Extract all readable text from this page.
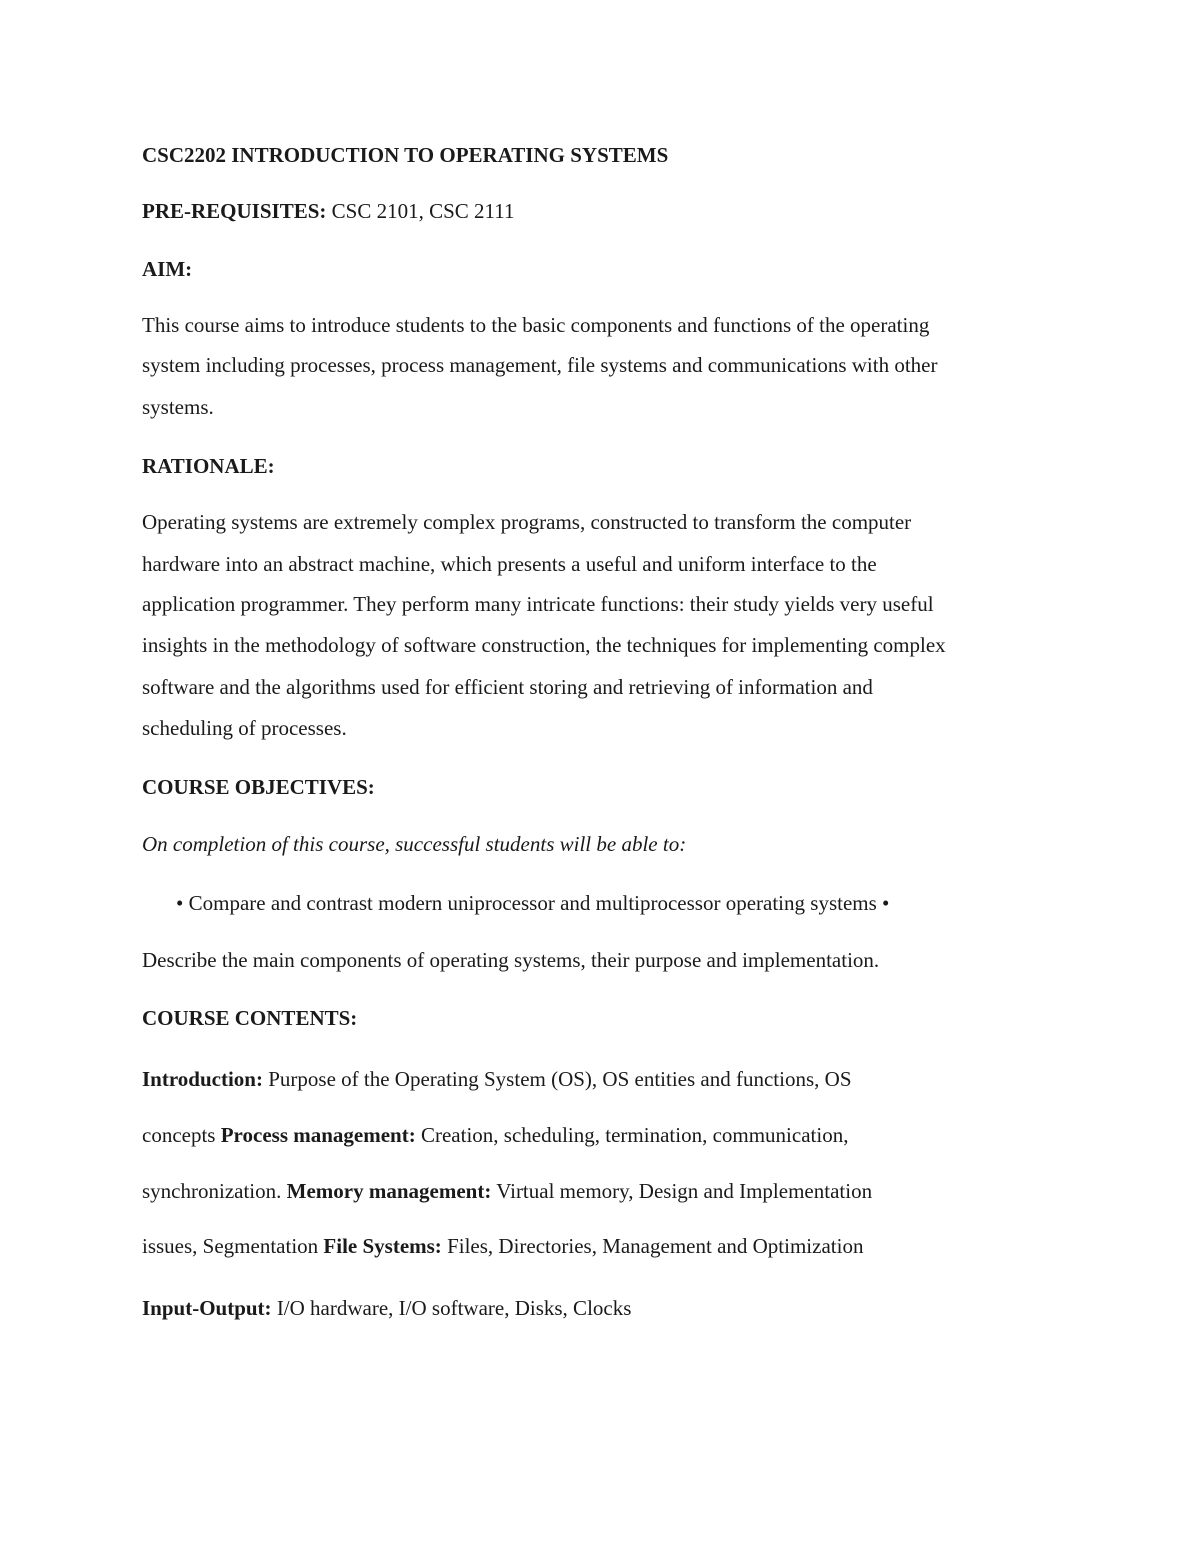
CSC2202 INTRODUCTION TO OPERATING SYSTEMS
PRE-REQUISITES: CSC 2101, CSC 2111
AIM:
This course aims to introduce students to the basic components and functions of the operating
system including processes, process management, file systems and communications with other
systems.
RATIONALE:
Operating systems are extremely complex programs, constructed to transform the computer
hardware into an abstract machine, which presents a useful and uniform interface to the
application programmer. They perform many intricate functions: their study yields very useful
insights in the methodology of software construction, the techniques for implementing complex
software and the algorithms used for efficient storing and retrieving of information and
scheduling of processes.
COURSE OBJECTIVES:
On completion of this course, successful students will be able to:
• Compare and contrast modern uniprocessor and multiprocessor operating systems •
Describe the main components of operating systems, their purpose and implementation.
COURSE CONTENTS:
Introduction: Purpose of the Operating System (OS), OS entities and functions, OS
concepts Process management: Creation, scheduling, termination, communication,
synchronization. Memory management: Virtual memory, Design and Implementation
issues, Segmentation File Systems: Files, Directories, Management and Optimization
Input-Output: I/O hardware, I/O software, Disks, Clocks
